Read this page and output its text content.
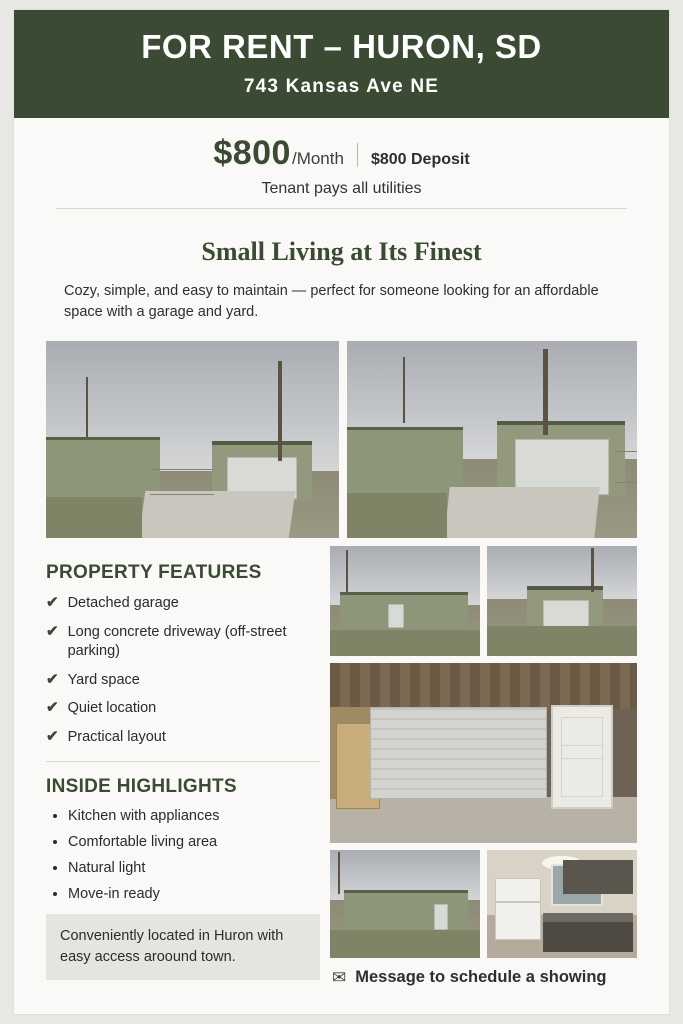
FOR RENT – HURON, SD
743 Kansas Ave NE
$800 /Month $800 Deposit
Tenant pays all utilities
Small Living at Its Finest

Cozy, simple, and easy to maintain — perfect for someone looking for an affordable space with a garage and yard.

PROPERTY FEATURES
✔ Detached garage
✔ Long concrete driveway (off-street parking)
✔ Yard space
✔ Quiet location
✔ Practical layout
INSIDE HIGHLIGHTS
• Kitchen with appliances
• Comfortable living area
• Natural light
• Move-in ready
Conveniently located in Huron with easy access aroound town.
✉ Message to schedule a showing
